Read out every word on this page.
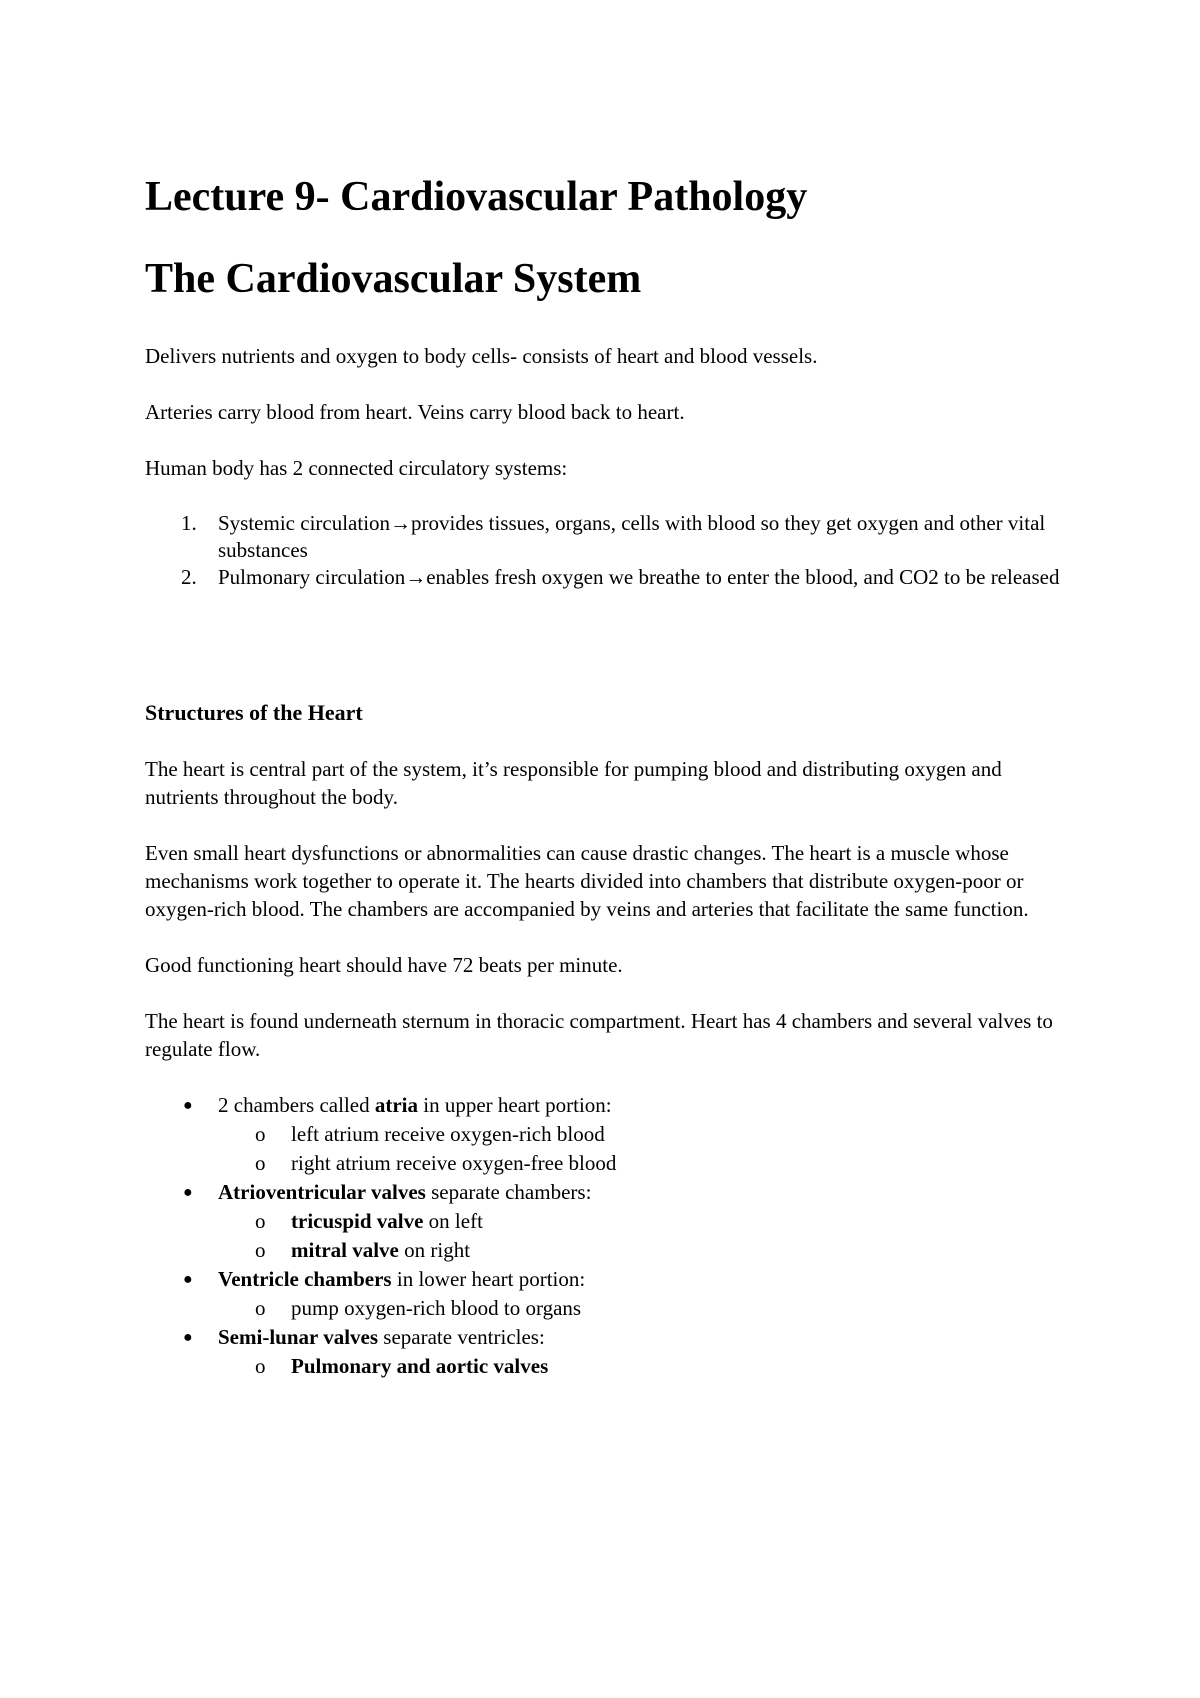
Lecture 9- Cardiovascular Pathology
The Cardiovascular System

Delivers nutrients and oxygen to body cells- consists of heart and blood vessels.

Arteries carry blood from heart. Veins carry blood back to heart.

Human body has 2 connected circulatory systems:

1. Systemic circulation→provides tissues, organs, cells with blood so they get oxygen and other vital substances
2. Pulmonary circulation→enables fresh oxygen we breathe to enter the blood, and CO2 to be released
Structures of the Heart

The heart is central part of the system, it’s responsible for pumping blood and distributing oxygen and nutrients throughout the body.

Even small heart dysfunctions or abnormalities can cause drastic changes. The heart is a muscle whose mechanisms work together to operate it. The hearts divided into chambers that distribute oxygen-poor or oxygen-rich blood. The chambers are accompanied by veins and arteries that facilitate the same function.

Good functioning heart should have 72 beats per minute.

The heart is found underneath sternum in thoracic compartment. Heart has 4 chambers and several valves to regulate flow.

● 2 chambers called atria in upper heart portion:
o left atrium receive oxygen-rich blood
o right atrium receive oxygen-free blood
● Atrioventricular valves separate chambers:
o tricuspid valve on left
o mitral valve on right
● Ventricle chambers in lower heart portion:
o pump oxygen-rich blood to organs
● Semi-lunar valves separate ventricles:
o Pulmonary and aortic valves
